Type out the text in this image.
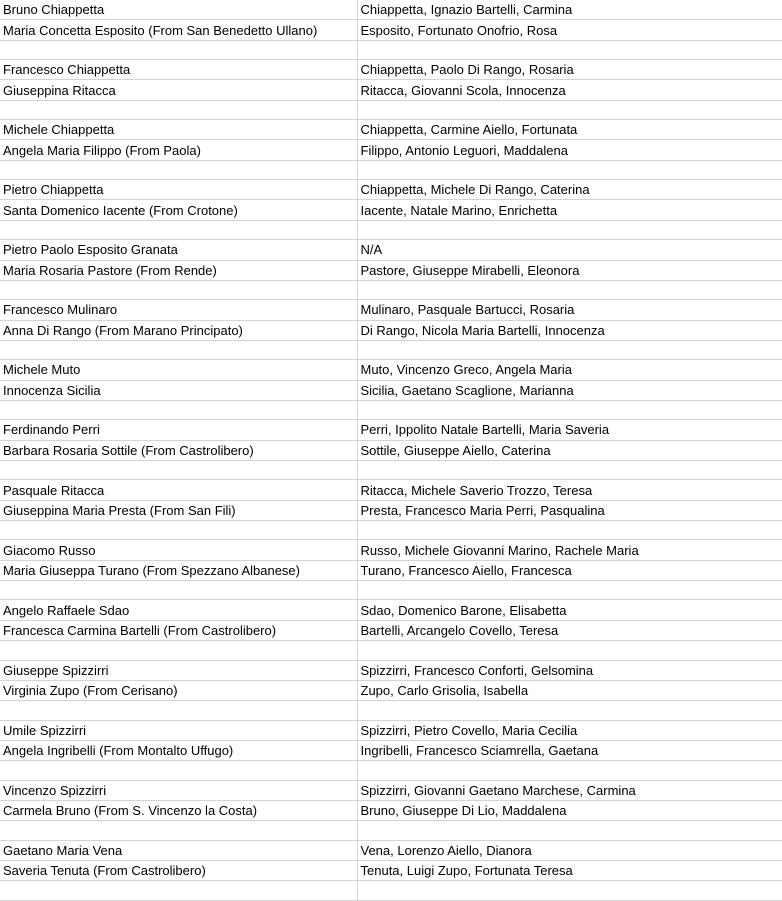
Bruno Chiappetta	Chiappetta, Ignazio Bartelli, Carmina
Maria Concetta Esposito (From San Benedetto Ullano)	Esposito, Fortunato Onofrio, Rosa

Francesco Chiappetta	Chiappetta, Paolo Di Rango, Rosaria
Giuseppina Ritacca	Ritacca, Giovanni Scola, Innocenza

Michele Chiappetta	Chiappetta, Carmine Aiello, Fortunata
Angela Maria Filippo (From Paola)	Filippo, Antonio Leguori, Maddalena

Pietro Chiappetta	Chiappetta, Michele Di Rango, Caterina
Santa Domenico Iacente (From Crotone)	Iacente, Natale Marino, Enrichetta

Pietro Paolo Esposito Granata	N/A
Maria Rosaria Pastore (From Rende)	Pastore, Giuseppe Mirabelli, Eleonora

Francesco Mulinaro	Mulinaro, Pasquale Bartucci, Rosaria
Anna Di Rango (From Marano Principato)	Di Rango, Nicola Maria Bartelli, Innocenza

Michele Muto	Muto, Vincenzo Greco, Angela Maria
Innocenza Sicilia	Sicilia, Gaetano Scaglione, Marianna

Ferdinando Perri	Perri, Ippolito Natale Bartelli, Maria Saveria
Barbara Rosaria Sottile (From Castrolibero)	Sottile, Giuseppe Aiello, Caterina

Pasquale Ritacca	Ritacca, Michele Saverio Trozzo, Teresa
Giuseppina Maria Presta (From San Fili)	Presta, Francesco Maria Perri, Pasqualina

Giacomo Russo	Russo, Michele Giovanni Marino, Rachele Maria
Maria Giuseppa Turano (From Spezzano Albanese)	Turano, Francesco Aiello, Francesca

Angelo Raffaele Sdao	Sdao, Domenico Barone, Elisabetta
Francesca Carmina Bartelli (From Castrolibero)	Bartelli, Arcangelo Covello, Teresa

Giuseppe Spizzirri	Spizzirri, Francesco Conforti, Gelsomina
Virginia Zupo (From Cerisano)	Zupo, Carlo Grisolia, Isabella

Umile Spizzirri	Spizzirri, Pietro Covello, Maria Cecilia
Angela Ingribelli (From Montalto Uffugo)	Ingribelli, Francesco Sciamrella, Gaetana

Vincenzo Spizzirri	Spizzirri, Giovanni Gaetano Marchese, Carmina
Carmela Bruno (From S. Vincenzo la Costa)	Bruno, Giuseppe Di Lio, Maddalena

Gaetano Maria Vena	Vena, Lorenzo Aiello, Dianora
Saveria Tenuta (From Castrolibero)	Tenuta, Luigi Zupo, Fortunata Teresa
